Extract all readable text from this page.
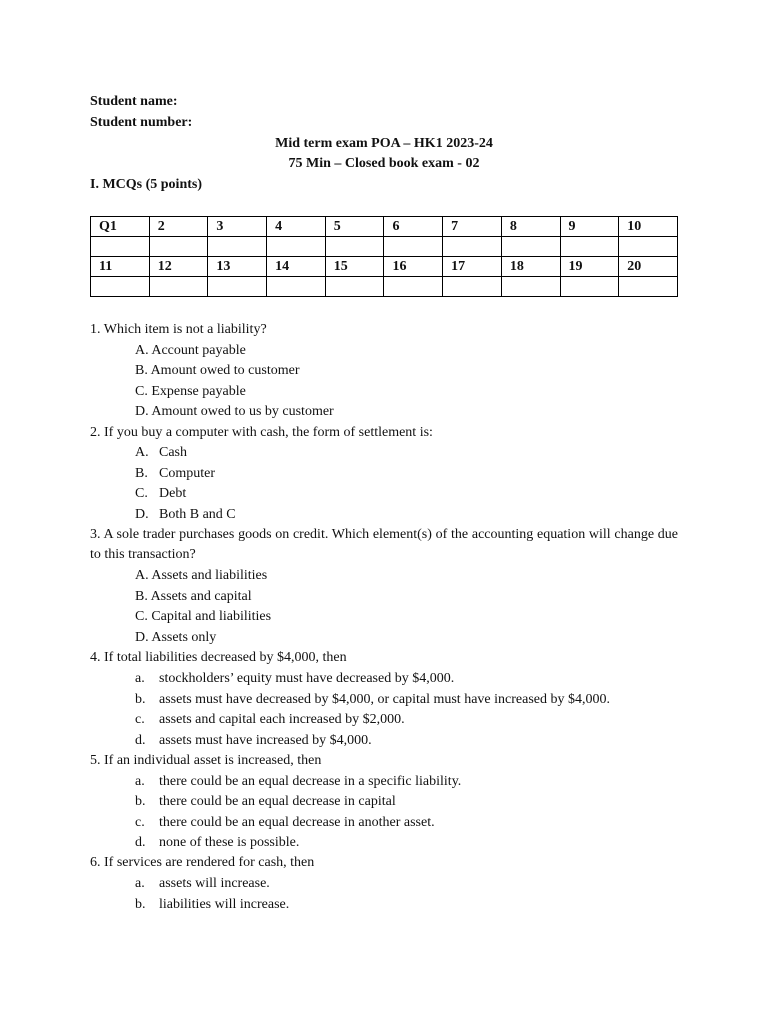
Student name:
Student number:
Mid term exam POA – HK1 2023-24
75 Min – Closed book exam - 02
I. MCQs (5 points)
Q1	2	3	4	5	6	7	8	9	10

11	12	13	14	15	16	17	18	19	20

1. Which item is not a liability?
A. Account payable
B. Amount owed to customer
C. Expense payable
D. Amount owed to us by customer
2. If you buy a computer with cash, the form of settlement is:
A. Cash
B. Computer
C. Debt
D. Both B and C
3. A sole trader purchases goods on credit. Which element(s) of the accounting equation will change due to this transaction?
A. Assets and liabilities
B. Assets and capital
C. Capital and liabilities
D. Assets only
4. If total liabilities decreased by $4,000, then
a. stockholders’ equity must have decreased by $4,000.
b. assets must have decreased by $4,000, or capital must have increased by $4,000.
c. assets and capital each increased by $2,000.
d. assets must have increased by $4,000.
5. If an individual asset is increased, then
a. there could be an equal decrease in a specific liability.
b. there could be an equal decrease in capital
c. there could be an equal decrease in another asset.
d. none of these is possible.
6. If services are rendered for cash, then
a. assets will increase.
b. liabilities will increase.
